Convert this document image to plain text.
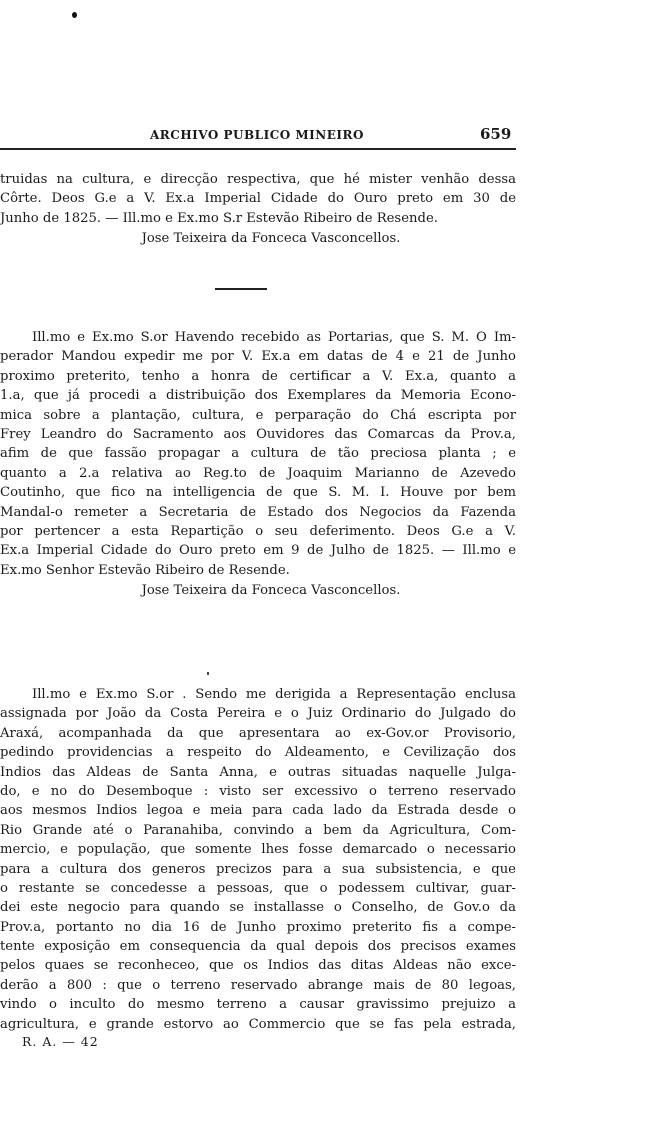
ARCHIVO PUBLICO MINEIRO	659
truidas na cultura, e direcção respectiva, que hé mister venhão dessa
Côrte. Deos G.e a V. Ex.a Imperial Cidade do Ouro preto em 30 de
Junho de 1825. — Ill.mo e Ex.mo S.r Estevão Ribeiro de Resende.
Jose Teixeira da Fonceca Vasconcellos.
Ill.mo e Ex.mo S.or Havendo recebido as Portarias, que S. M. O Im-
perador Mandou expedir me por V. Ex.a em datas de 4 e 21 de Junho
proximo preterito, tenho a honra de certificar a V. Ex.a, quanto a
1.a, que já procedi a distribuição dos Exemplares da Memoria Econo-
mica sobre a plantação, cultura, e perparação do Chá escripta por
Frey Leandro do Sacramento aos Ouvidores das Comarcas da Prov.a,
afim de que fassão propagar a cultura de tão preciosa planta ; e
quanto a 2.a relativa ao Reg.to de Joaquim Marianno de Azevedo
Coutinho, que fico na intelligencia de que S. M. I. Houve por bem
Mandal-o remeter a Secretaria de Estado dos Negocios da Fazenda
por pertencer a esta Repartição o seu deferimento. Deos G.e a V.
Ex.a Imperial Cidade do Ouro preto em 9 de Julho de 1825. — Ill.mo e
Ex.mo Senhor Estevão Ribeiro de Resende.
Jose Teixeira da Fonceca Vasconcellos.
Ill.mo e Ex.mo S.or . Sendo me derigida a Representação enclusa
assignada por João da Costa Pereira e o Juiz Ordinario do Julgado do
Araxá, acompanhada da que apresentara ao ex-Gov.or Provisorio,
pedindo providencias a respeito do Aldeamento, e Cevilização dos
Indios das Aldeas de Santa Anna, e outras situadas naquelle Julga-
do, e no do Desemboque : visto ser excessivo o terreno reservado
aos mesmos Indios legoa e meia para cada lado da Estrada desde o
Rio Grande até o Paranahiba, convindo a bem da Agricultura, Com-
mercio, e população, que somente lhes fosse demarcado o necessario
para a cultura dos generos precizos para a sua subsistencia, e que
o restante se concedesse a pessoas, que o podessem cultivar, guar-
dei este negocio para quando se installasse o Conselho, de Gov.o da
Prov.a, portanto no dia 16 de Junho proximo preterito fis a compe-
tente exposição em consequencia da qual depois dos precisos exames
pelos quaes se reconheceo, que os Indios das ditas Aldeas não exce-
derão a 800 : que o terreno reservado abrange mais de 80 legoas,
vindo o inculto do mesmo terreno a causar gravissimo prejuizo a
agricultura, e grande estorvo ao Commercio que se fas pela estrada,
R. A. — 42
